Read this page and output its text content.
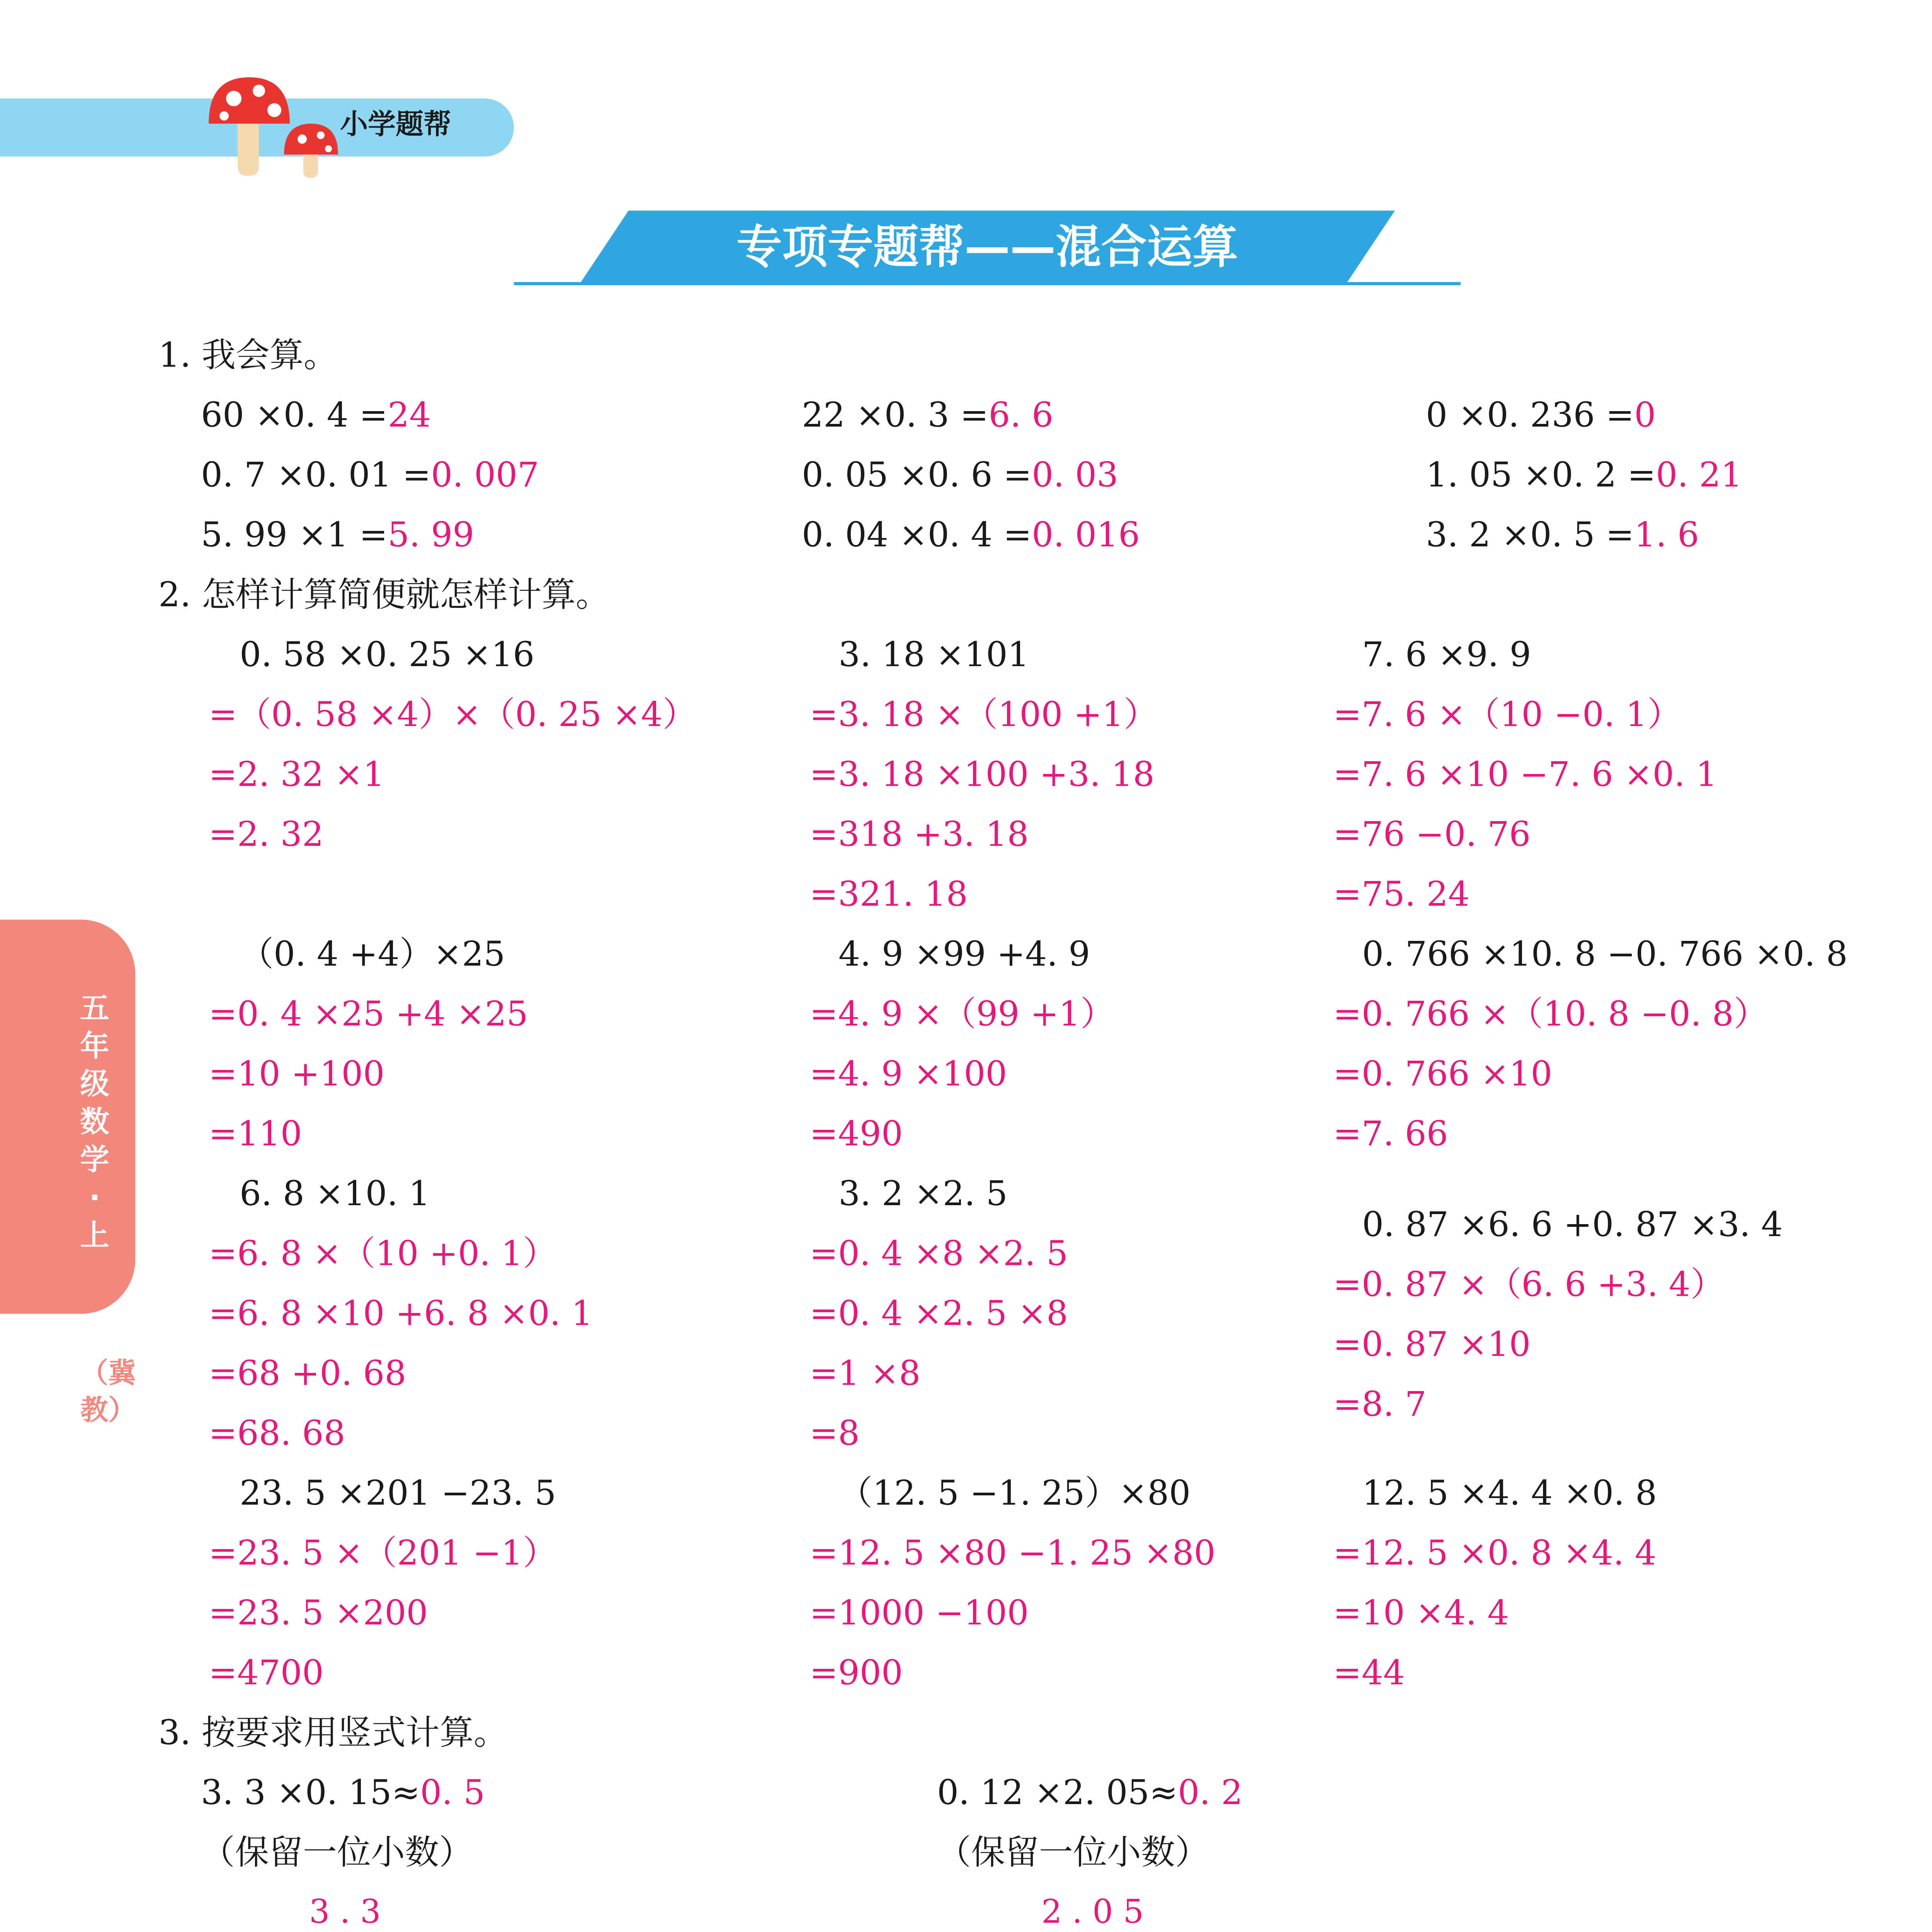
小学题帮
专项专题帮——混合运算
五年级数学·上
（冀教）
1. 我会算。
60 ×0. 4 =24	22 ×0. 3 =6. 6	0 ×0. 236 =0
0. 7 ×0. 01 =0. 007	0. 05 ×0. 6 =0. 03	1. 05 ×0. 2 =0. 21
5. 99 ×1 =5. 99	0. 04 ×0. 4 =0. 016	3. 2 ×0. 5 =1. 6
2. 怎样计算简便就怎样计算。
0. 58 ×0. 25 ×16
=（0. 58 ×4）×（0. 25 ×4）
=2. 32 ×1
=2. 32
3. 18 ×101
=3. 18 ×（100 +1）
=3. 18 ×100 +3. 18
=318 +3. 18
=321. 18
7. 6 ×9. 9
=7. 6 ×（10 −0. 1）
=7. 6 ×10 −7. 6 ×0. 1
=76 −0. 76
=75. 24
（0. 4 +4）×25
=0. 4 ×25 +4 ×25
=10 +100
=110
4. 9 ×99 +4. 9
=4. 9 ×（99 +1）
=4. 9 ×100
=490
0. 766 ×10. 8 −0. 766 ×0. 8
=0. 766 ×（10. 8 −0. 8）
=0. 766 ×10
=7. 66
6. 8 ×10. 1
=6. 8 ×（10 +0. 1）
=6. 8 ×10 +6. 8 ×0. 1
=68 +0. 68
=68. 68
3. 2 ×2. 5
=0. 4 ×8 ×2. 5
=0. 4 ×2. 5 ×8
=1 ×8
=8
0. 87 ×6. 6 +0. 87 ×3. 4
=0. 87 ×（6. 6 +3. 4）
=0. 87 ×10
=8. 7
23. 5 ×201 −23. 5
=23. 5 ×（201 −1）
=23. 5 ×200
=4700
（12. 5 −1. 25）×80
=12. 5 ×80 −1. 25 ×80
=1000 −100
=900
12. 5 ×4. 4 ×0. 8
=12. 5 ×0. 8 ×4. 4
=10 ×4. 4
=44
3. 按要求用竖式计算。
3. 3 ×0. 15≈0. 5
（保留一位小数）
3.3
0. 12 ×2. 05≈0. 2
（保留一位小数）
2.05
